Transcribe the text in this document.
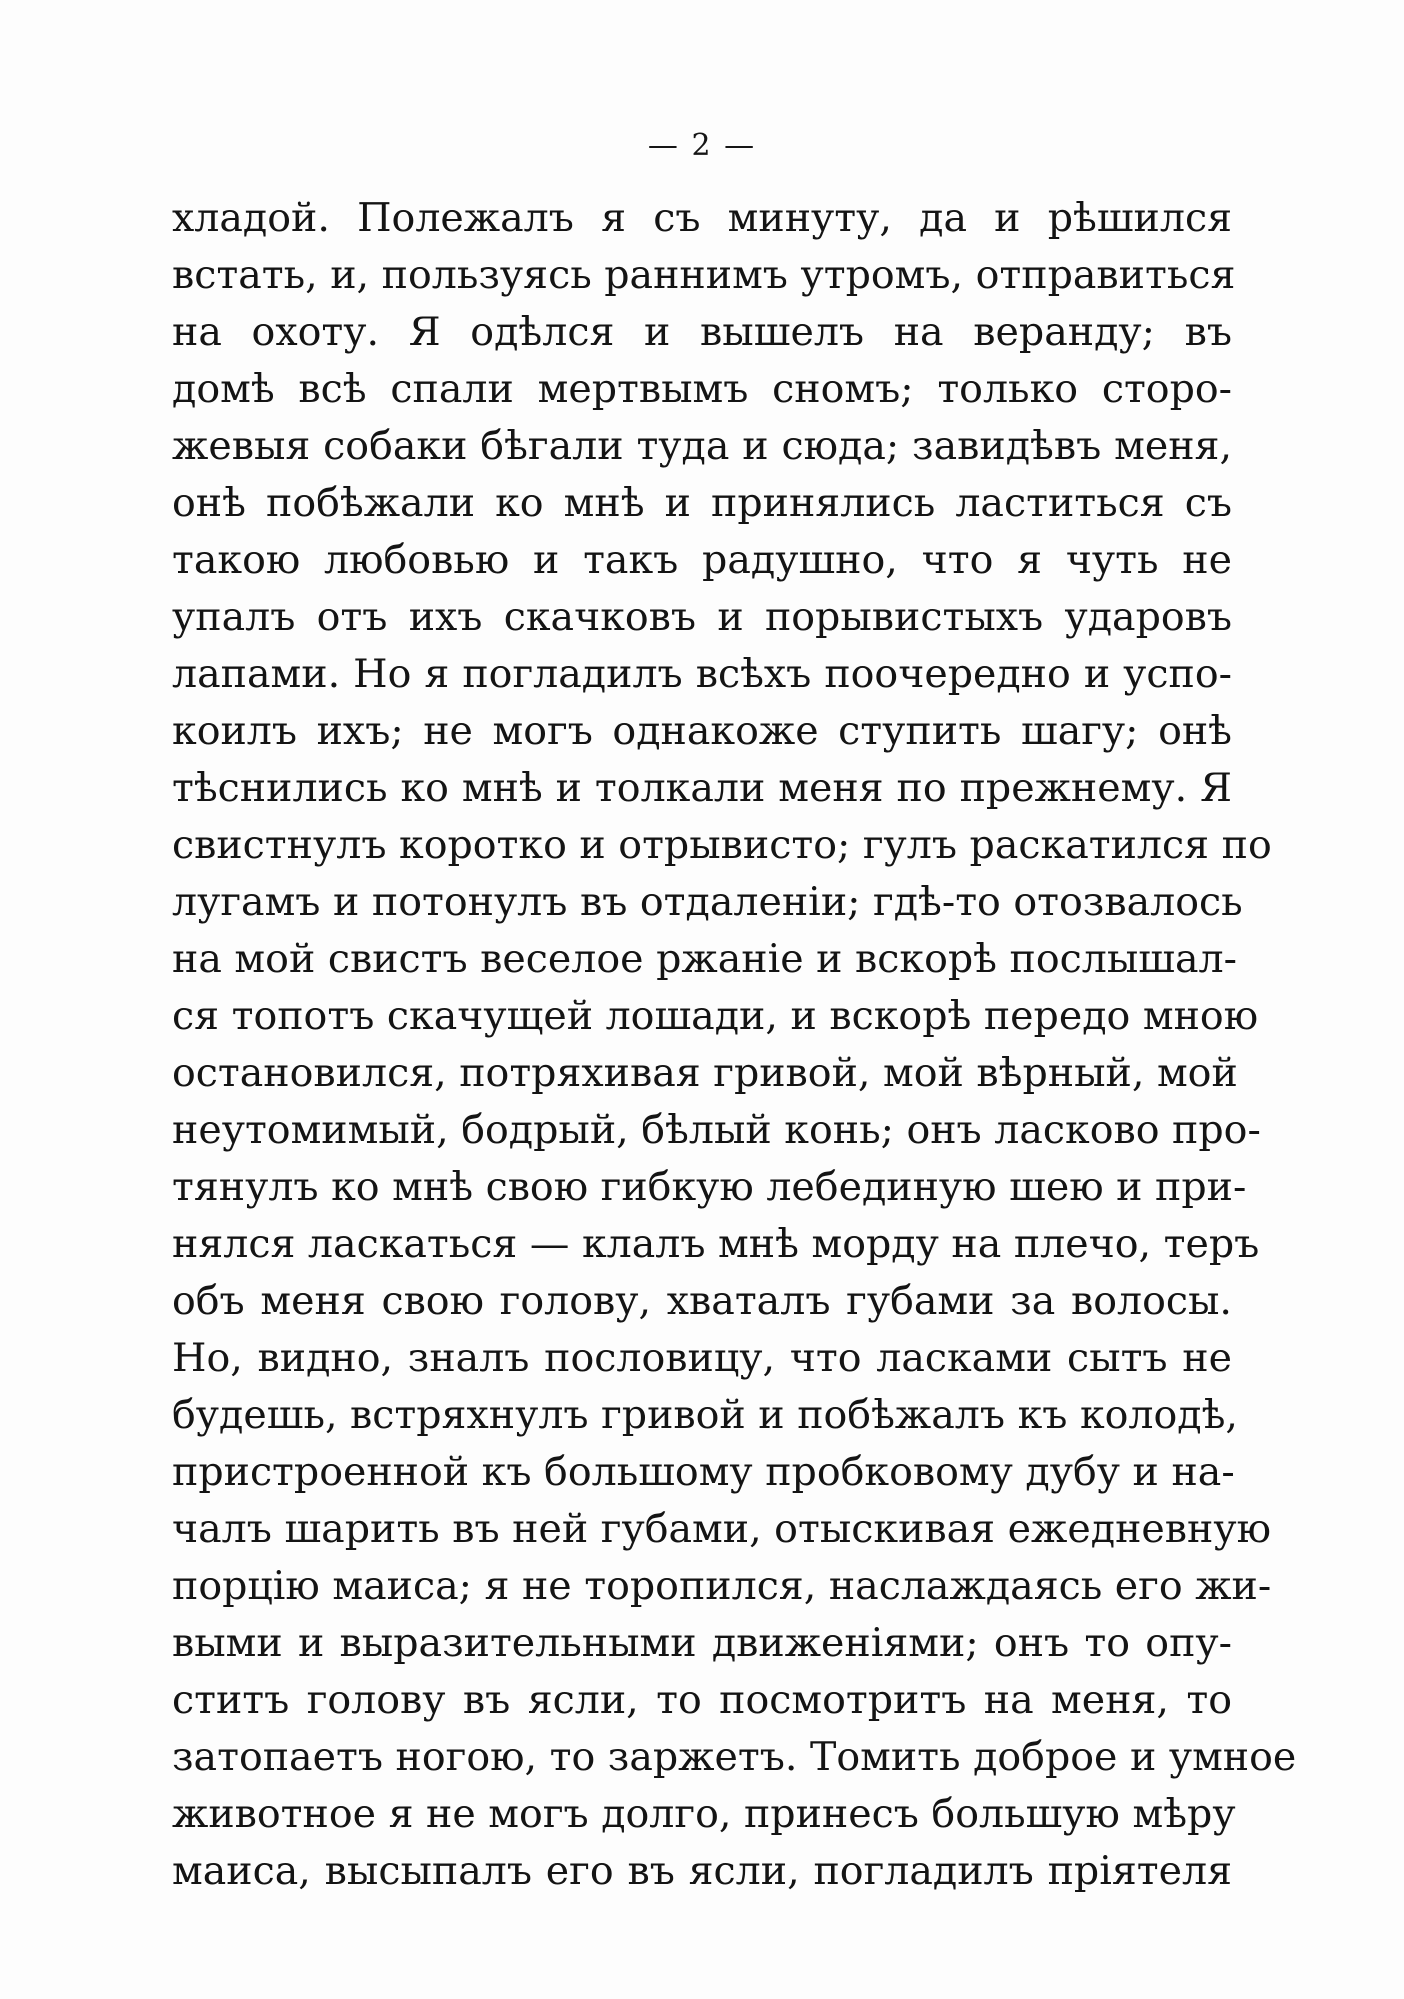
— 2 —
хладой. Полежалъ я съ минуту, да и рѣшился
встать, и, пользуясь раннимъ утромъ, отправиться
на охоту. Я одѣлся и вышелъ на веранду; въ
домѣ всѣ спали мертвымъ сномъ; только сторо-
жевыя собаки бѣгали туда и сюда; завидѣвъ меня,
онѣ побѣжали ко мнѣ и принялись ластиться съ
такою любовью и такъ радушно, что я чуть не
упалъ отъ ихъ скачковъ и порывистыхъ ударовъ
лапами. Но я погладилъ всѣхъ поочередно и успо-
коилъ ихъ; не могъ однакоже ступить шагу; онѣ
тѣснились ко мнѣ и толкали меня по прежнему. Я
свистнулъ коротко и отрывисто; гулъ раскатился по
лугамъ и потонулъ въ отдаленіи; гдѣ-то отозвалось
на мой свистъ веселое ржаніе и вскорѣ послышал-
ся топотъ скачущей лошади, и вскорѣ передо мною
остановился, потряхивая гривой, мой вѣрный, мой
неутомимый, бодрый, бѣлый конь; онъ ласково про-
тянулъ ко мнѣ свою гибкую лебединую шею и при-
нялся ласкаться — клалъ мнѣ морду на плечо, теръ
объ меня свою голову, хваталъ губами за волосы.
Но, видно, зналъ пословицу, что ласками сытъ не
будешь, встряхнулъ гривой и побѣжалъ къ колодѣ,
пристроенной къ большому пробковому дубу и на-
чалъ шарить въ ней губами, отыскивая ежедневную
порцію маиса; я не торопился, наслаждаясь его жи-
выми и выразительными движеніями; онъ то опу-
ститъ голову въ ясли, то посмотритъ на меня, то
затопаетъ ногою, то заржетъ. Томить доброе и умное
животное я не могъ долго, принесъ большую мѣру
маиса, высыпалъ его въ ясли, погладилъ пріятеля
